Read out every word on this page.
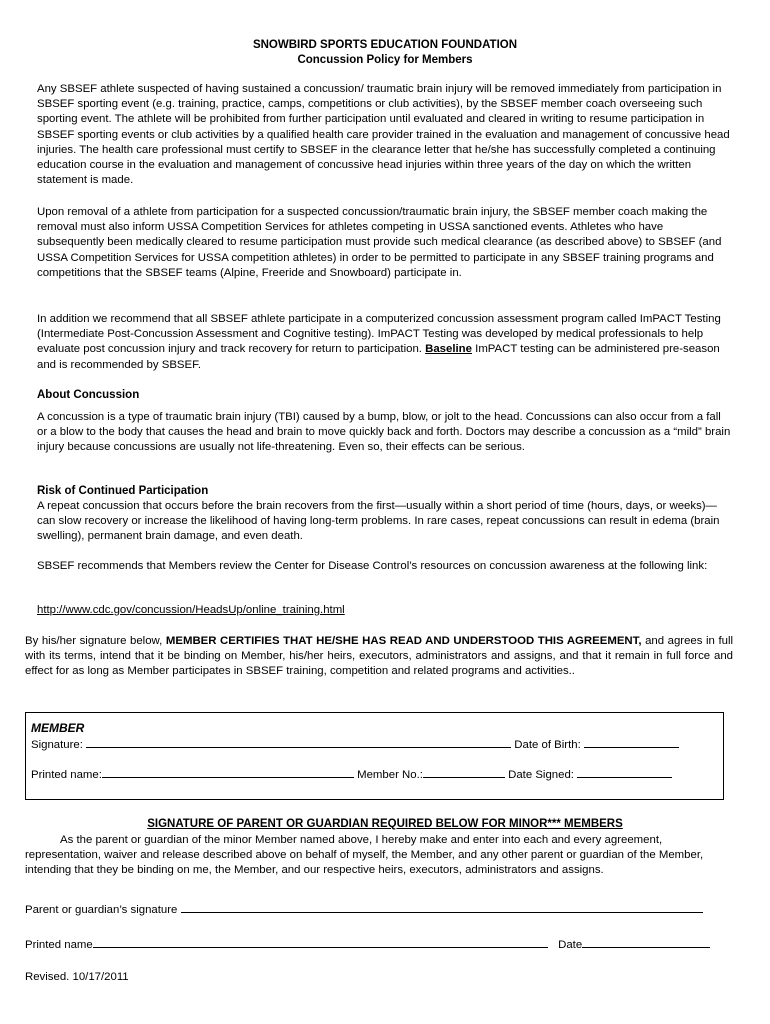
SNOWBIRD SPORTS EDUCATION FOUNDATION
Concussion Policy for Members

Any SBSEF athlete suspected of having sustained a concussion/ traumatic brain injury will be removed immediately from participation in SBSEF sporting event (e.g. training, practice, camps, competitions or club activities), by the SBSEF member coach overseeing such sporting event. The athlete will be prohibited from further participation until evaluated and cleared in writing to resume participation in SBSEF sporting events or club activities by a qualified health care provider trained in the evaluation and management of concussive head injuries. The health care professional must certify to SBSEF in the clearance letter that he/she has successfully completed a continuing education course in the evaluation and management of concussive head injuries within three years of the day on which the written statement is made.

Upon removal of a athlete from participation for a suspected concussion/traumatic brain injury, the SBSEF member coach making the removal must also inform USSA Competition Services for athletes competing in USSA sanctioned events. Athletes who have subsequently been medically cleared to resume participation must provide such medical clearance (as described above) to SBSEF (and USSA Competition Services for USSA competition athletes) in order to be permitted to participate in any SBSEF training programs and competitions that the SBSEF teams (Alpine, Freeride and Snowboard) participate in.

In addition we recommend that all SBSEF athlete participate in a computerized concussion assessment program called ImPACT Testing (Intermediate Post-Concussion Assessment and Cognitive testing). ImPACT Testing was developed by medical professionals to help evaluate post concussion injury and track recovery for return to participation. Baseline ImPACT testing can be administered pre-season and is recommended by SBSEF.

About Concussion

A concussion is a type of traumatic brain injury (TBI) caused by a bump, blow, or jolt to the head. Concussions can also occur from a fall or a blow to the body that causes the head and brain to move quickly back and forth. Doctors may describe a concussion as a “mild” brain injury because concussions are usually not life-threatening. Even so, their effects can be serious.

Risk of Continued Participation

A repeat concussion that occurs before the brain recovers from the first—usually within a short period of time (hours, days, or weeks)—can slow recovery or increase the likelihood of having long-term problems. In rare cases, repeat concussions can result in edema (brain swelling), permanent brain damage, and even death.

SBSEF recommends that Members review the Center for Disease Control’s resources on concussion awareness at the following link:

http://www.cdc.gov/concussion/HeadsUp/online_training.html

By his/her signature below, MEMBER CERTIFIES THAT HE/SHE HAS READ AND UNDERSTOOD THIS AGREEMENT, and agrees in full with its terms, intend that it be binding on Member, his/her heirs, executors, administrators and assigns, and that it remain in full force and effect for as long as Member participates in SBSEF training, competition and related programs and activities..

MEMBER
Signature:	Date of Birth:
Printed name:	Member No.:	Date Signed:
SIGNATURE OF PARENT OR GUARDIAN REQUIRED BELOW FOR MINOR*** MEMBERS

As the parent or guardian of the minor Member named above, I hereby make and enter into each and every agreement, representation, waiver and release described above on behalf of myself, the Member, and any other parent or guardian of the Member, intending that they be binding on me, the Member, and our respective heirs, executors, administrators and assigns.

Parent or guardian’s signature
Printed name	Date
Revised. 10/17/2011
